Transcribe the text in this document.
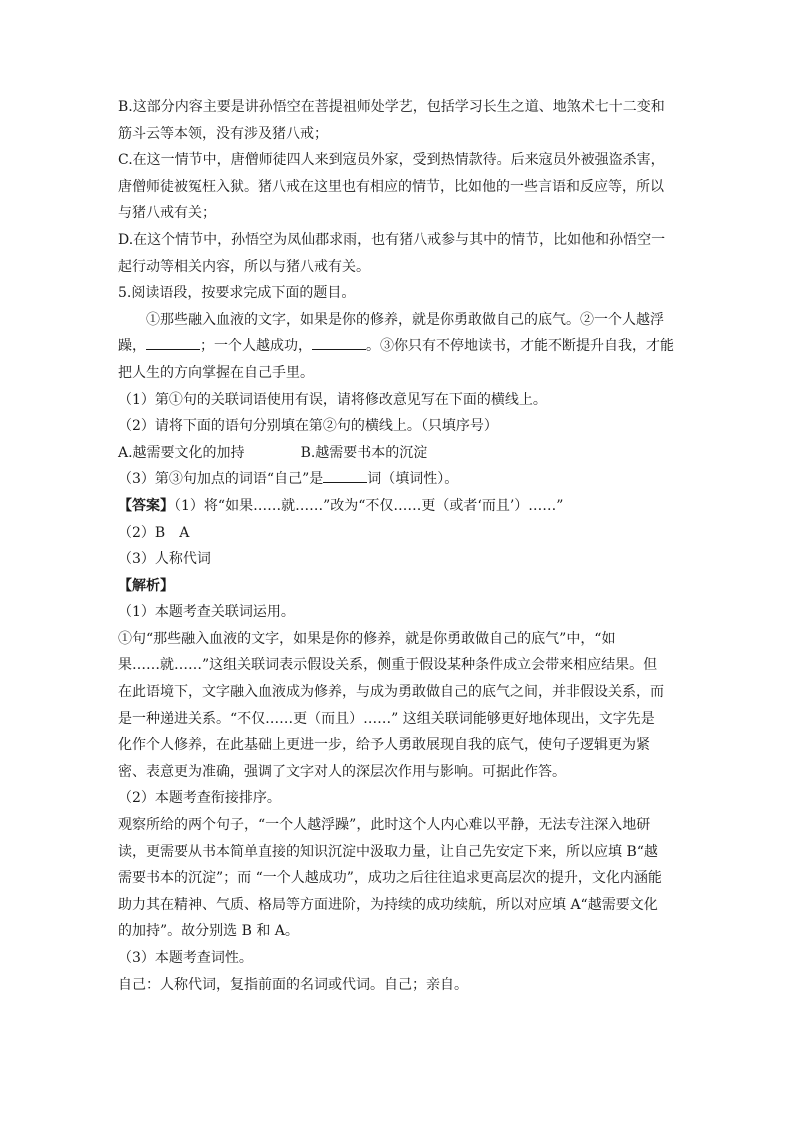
B.这部分内容主要是讲孙悟空在菩提祖师处学艺，包括学习长生之道、地煞术七十二变和

筋斗云等本领，没有涉及猪八戒；

C.在这一情节中，唐僧师徒四人来到寇员外家，受到热情款待。后来寇员外被强盗杀害，

唐僧师徒被冤枉入狱。猪八戒在这里也有相应的情节，比如他的一些言语和反应等，所以

与猪八戒有关；

D.在这个情节中，孙悟空为凤仙郡求雨，也有猪八戒参与其中的情节，比如他和孙悟空一

起行动等相关内容，所以与猪八戒有关。

5.阅读语段，按要求完成下面的题目。

①那些融入血液的文字，如果是你的修养，就是你勇敢做自己的底气。②一个人越浮

躁，	；一个人越成功，	。③你只有不停地读书，才能不断提升自我，才能

把人生的方向掌握在自己手里。

（1）第①句的关联词语使用有误，请将修改意见写在下面的横线上。

（2）请将下面的语句分别填在第②句的横线上。（只填序号）

A.越需要文化的加持	B.越需要书本的沉淀

（3）第③句加点的词语“自己”是	词（填词性）。

【答案】（1）将“如果……就……”改为“不仅……更（或者‘而且’）……”

（2）B　A

（3）人称代词

【解析】

（1）本题考查关联词运用。

①句“那些融入血液的文字，如果是你的修养，就是你勇敢做自己的底气”中，“如

果……就……”这组关联词表示假设关系，侧重于假设某种条件成立会带来相应结果。但

在此语境下，文字融入血液成为修养，与成为勇敢做自己的底气之间，并非假设关系，而

是一种递进关系。“不仅……更（而且）……” 这组关联词能够更好地体现出，文字先是

化作个人修养，在此基础上更进一步，给予人勇敢展现自我的底气，使句子逻辑更为紧

密、表意更为准确，强调了文字对人的深层次作用与影响。可据此作答。

（2）本题考查衔接排序。

观察所给的两个句子，“一个人越浮躁”，此时这个人内心难以平静，无法专注深入地研

读，更需要从书本简单直接的知识沉淀中汲取力量，让自己先安定下来，所以应填 B“越

需要书本的沉淀”；而 “一个人越成功”，成功之后往往追求更高层次的提升，文化内涵能

助力其在精神、气质、格局等方面进阶，为持续的成功续航，所以对应填 A“越需要文化

的加持”。故分别选 B 和 A。

（3）本题考查词性。

自己：人称代词，复指前面的名词或代词。自己；亲自。
